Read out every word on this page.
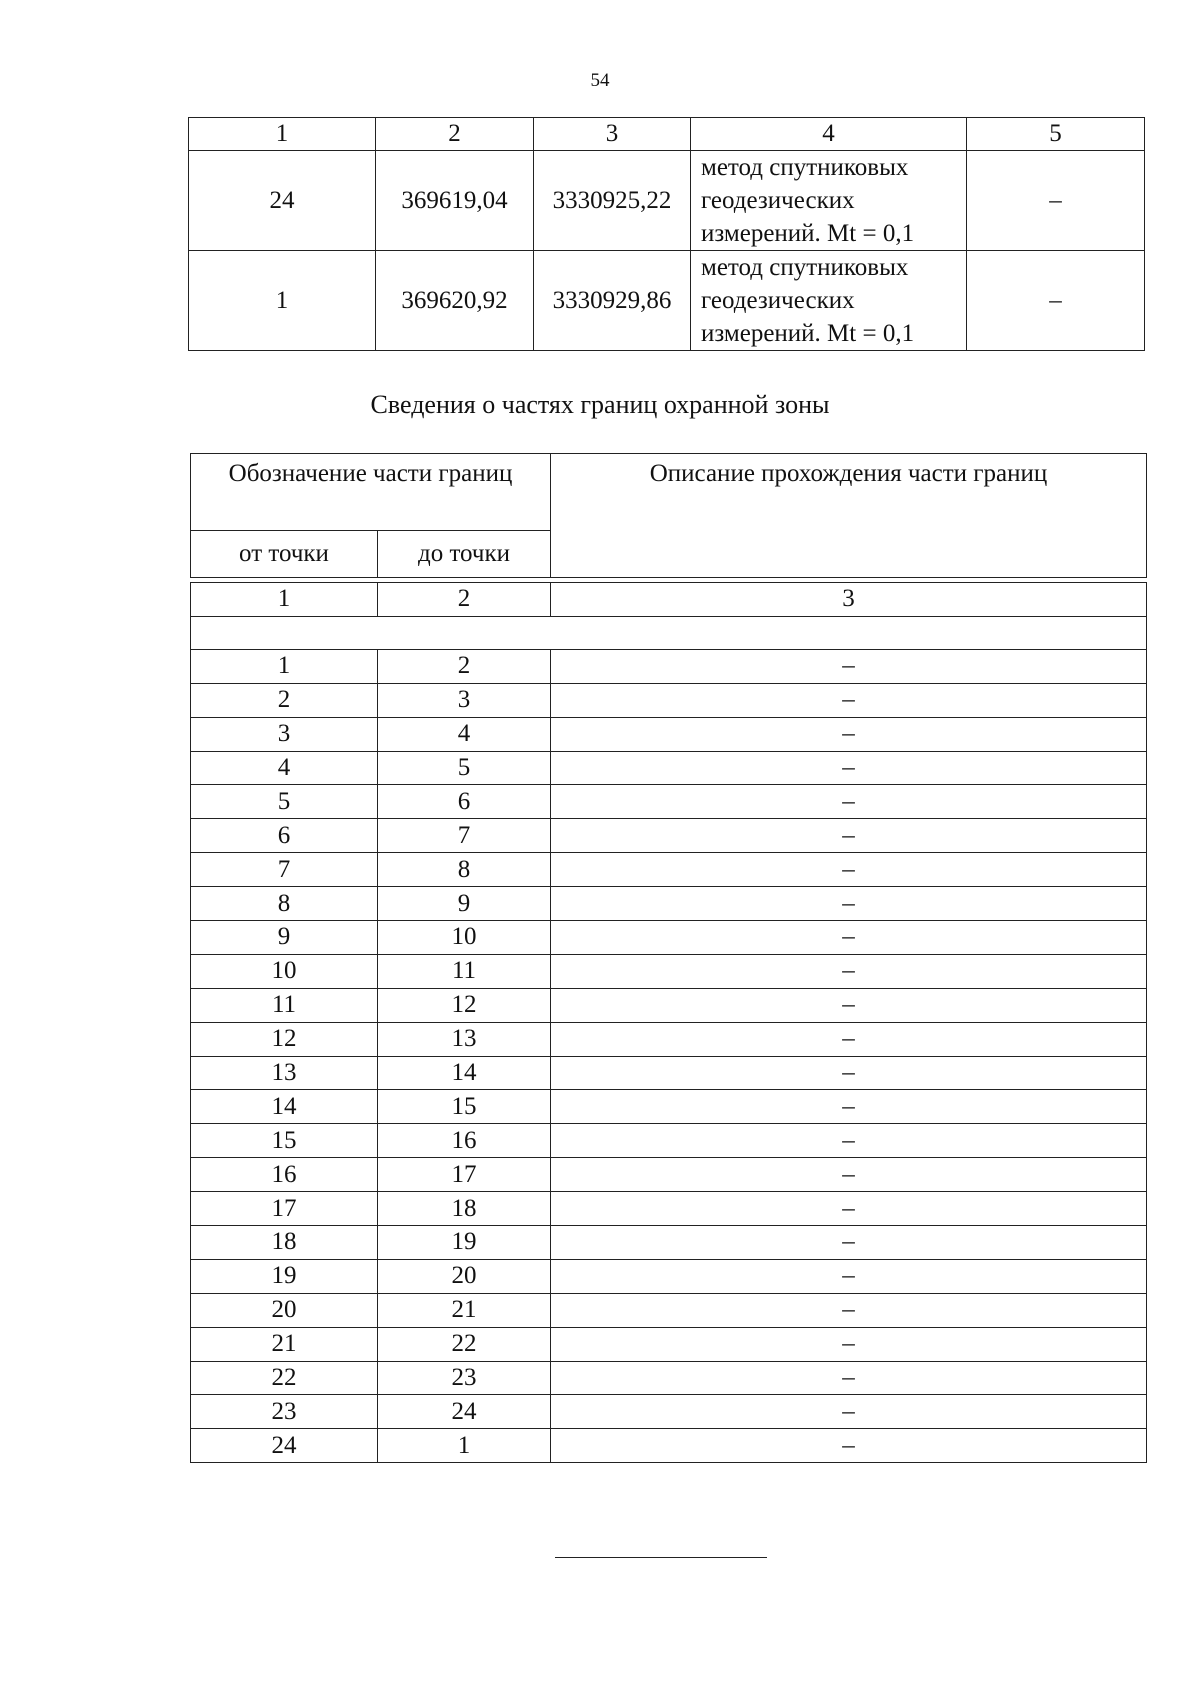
54
1	2	3	4	5
24	369619,04	3330925,22	метод спутниковых
геодезических
измерений. Mt = 0,1	–
1	369620,92	3330929,86	метод спутниковых
геодезических
измерений. Mt = 0,1	–
Сведения о частях границ охранной зоны
Обозначение части границ		Описание прохождения части границ
от точки	до точки	

1	2	3

1	2	–
2	3	–
3	4	–
4	5	–
5	6	–
6	7	–
7	8	–
8	9	–
9	10	–
10	11	–
11	12	–
12	13	–
13	14	–
14	15	–
15	16	–
16	17	–
17	18	–
18	19	–
19	20	–
20	21	–
21	22	–
22	23	–
23	24	–
24	1	–
